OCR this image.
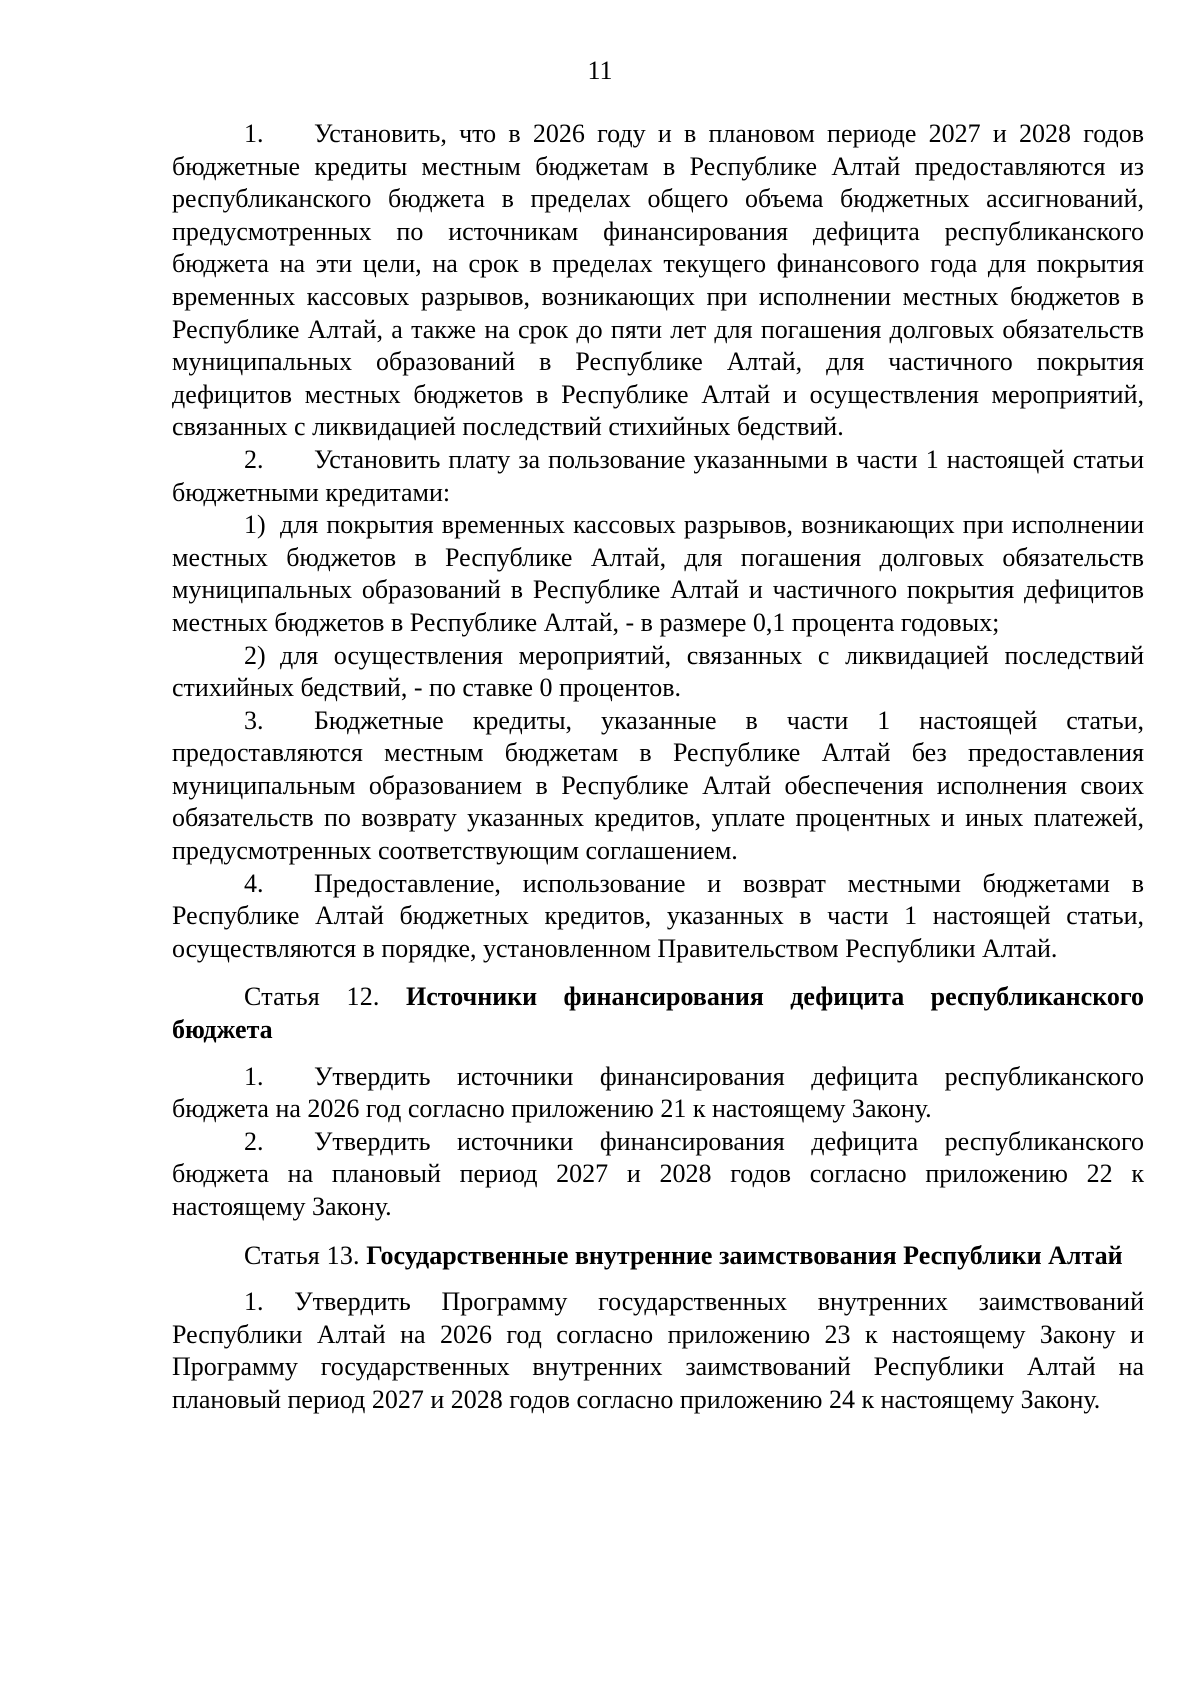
11

1. Установить, что в 2026 году и в плановом периоде 2027 и 2028 годов бюджетные кредиты местным бюджетам в Республике Алтай предоставляются из республиканского бюджета в пределах общего объема бюджетных ассигнований, предусмотренных по источникам финансирования дефицита республиканского бюджета на эти цели, на срок в пределах текущего финансового года для покрытия временных кассовых разрывов, возникающих при исполнении местных бюджетов в Республике Алтай, а также на срок до пяти лет для погашения долговых обязательств муниципальных образований в Республике Алтай, для частичного покрытия дефицитов местных бюджетов в Республике Алтай и осуществления мероприятий, связанных с ликвидацией последствий стихийных бедствий.

2. Установить плату за пользование указанными в части 1 настоящей статьи бюджетными кредитами:

1) для покрытия временных кассовых разрывов, возникающих при исполнении местных бюджетов в Республике Алтай, для погашения долговых обязательств муниципальных образований в Республике Алтай и частичного покрытия дефицитов местных бюджетов в Республике Алтай, - в размере 0,1 процента годовых;

2) для осуществления мероприятий, связанных с ликвидацией последствий стихийных бедствий, - по ставке 0 процентов.

3. Бюджетные кредиты, указанные в части 1 настоящей статьи, предоставляются местным бюджетам в Республике Алтай без предоставления муниципальным образованием в Республике Алтай обеспечения исполнения своих обязательств по возврату указанных кредитов, уплате процентных и иных платежей, предусмотренных соответствующим соглашением.

4. Предоставление, использование и возврат местными бюджетами в Республике Алтай бюджетных кредитов, указанных в части 1 настоящей статьи, осуществляются в порядке, установленном Правительством Республики Алтай.

Статья 12. Источники финансирования дефицита республиканского бюджета

1. Утвердить источники финансирования дефицита республиканского бюджета на 2026 год согласно приложению 21 к настоящему Закону.

2. Утвердить источники финансирования дефицита республиканского бюджета на плановый период 2027 и 2028 годов согласно приложению 22 к настоящему Закону.

Статья 13. Государственные внутренние заимствования Республики Алтай

1. Утвердить Программу государственных внутренних заимствований Республики Алтай на 2026 год согласно приложению 23 к настоящему Закону и Программу государственных внутренних заимствований Республики Алтай на плановый период 2027 и 2028 годов согласно приложению 24 к настоящему Закону.
